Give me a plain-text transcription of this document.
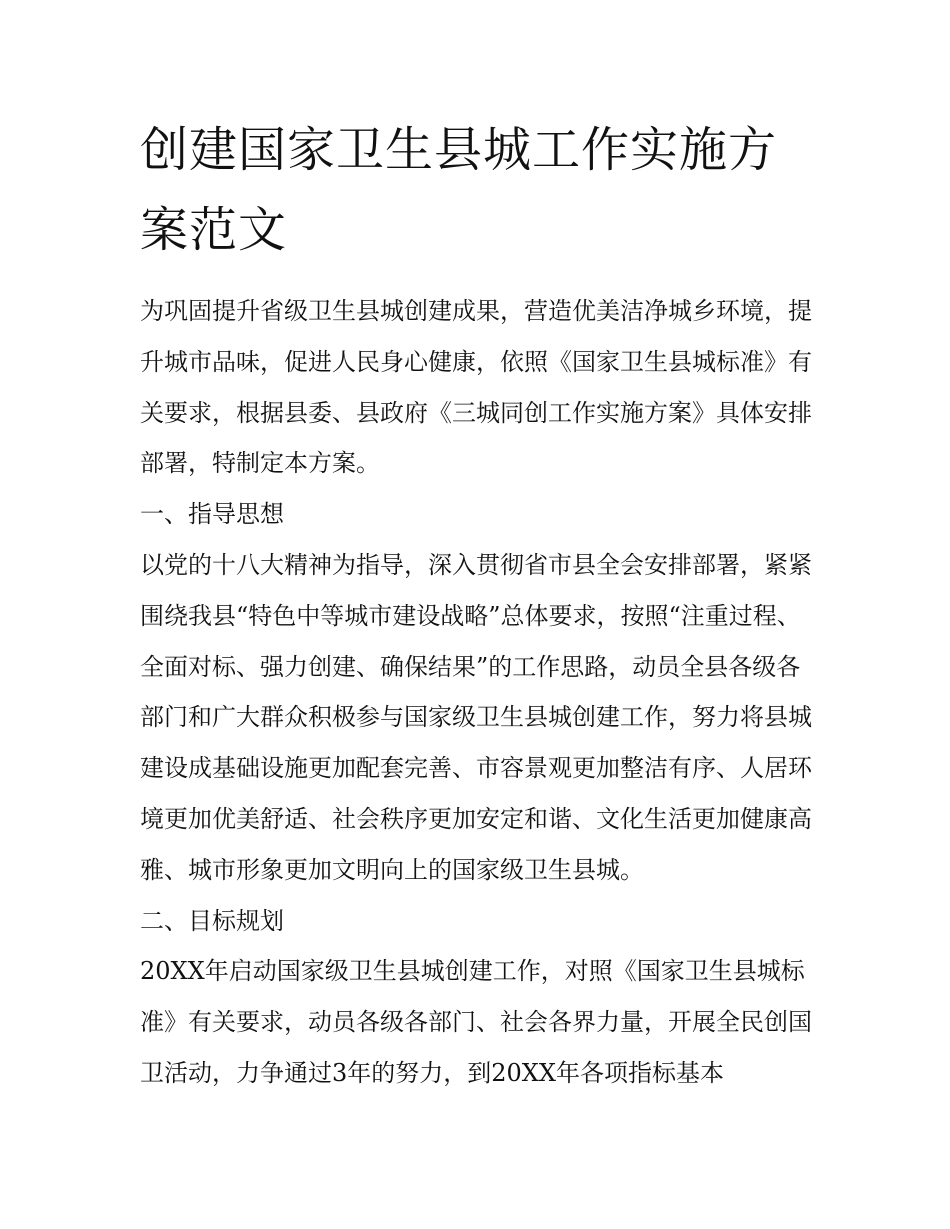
创建国家卫生县城工作实施方案范文

为巩固提升省级卫生县城创建成果，营造优美洁净城乡环境，提升城市品味，促进人民身心健康，依照《国家卫生县城标准》有关要求，根据县委、县政府《三城同创工作实施方案》具体安排部署，特制定本方案。

一、指导思想

以党的十八大精神为指导，深入贯彻省市县全会安排部署，紧紧围绕我县“特色中等城市建设战略”总体要求，按照“注重过程、全面对标、强力创建、确保结果”的工作思路，动员全县各级各部门和广大群众积极参与国家级卫生县城创建工作，努力将县城建设成基础设施更加配套完善、市容景观更加整洁有序、人居环境更加优美舒适、社会秩序更加安定和谐、文化生活更加健康高雅、城市形象更加文明向上的国家级卫生县城。

二、目标规划

20XX年启动国家级卫生县城创建工作，对照《国家卫生县城标准》有关要求，动员各级各部门、社会各界力量，开展全民创国卫活动，力争通过3年的努力，到20XX年各项指标基本
